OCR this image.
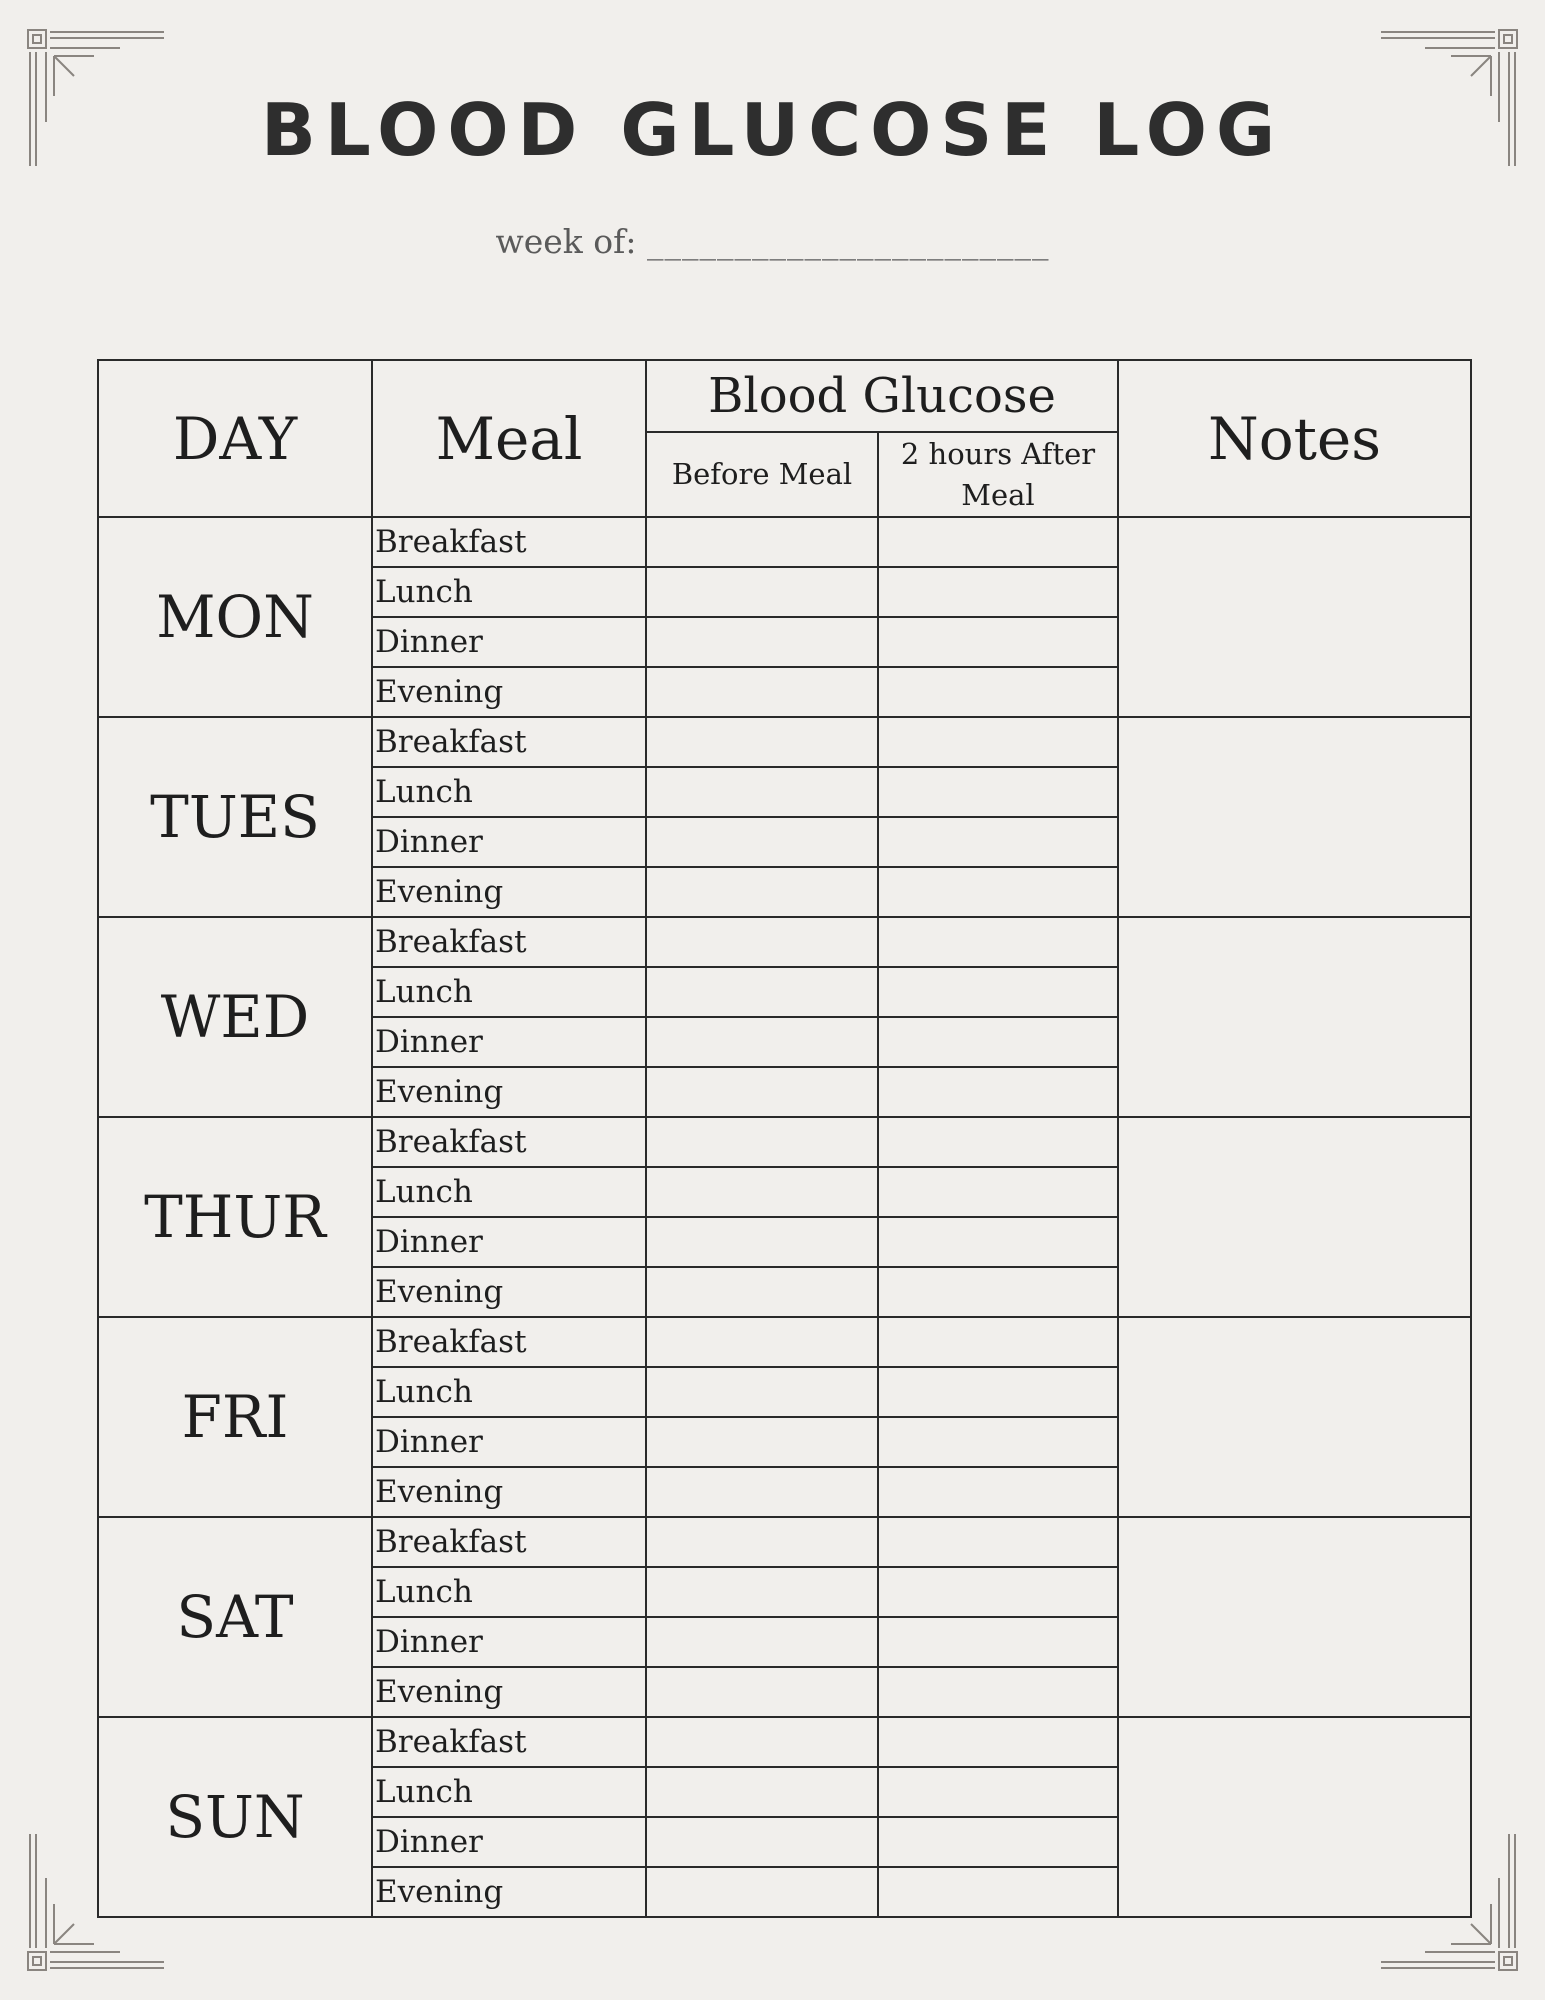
BLOOD GLUCOSE LOG
week of: _______________________
DAY	Meal	Blood Glucose		Notes
		Before Meal	2 hours After Meal	
MON	Breakfast			
	Lunch			
	Dinner			
	Evening			
TUES	Breakfast			
	Lunch			
	Dinner			
	Evening			
WED	Breakfast			
	Lunch			
	Dinner			
	Evening			
THUR	Breakfast			
	Lunch			
	Dinner			
	Evening			
FRI	Breakfast			
	Lunch			
	Dinner			
	Evening			
SAT	Breakfast			
	Lunch			
	Dinner			
	Evening			
SUN	Breakfast			
	Lunch			
	Dinner			
	Evening			
